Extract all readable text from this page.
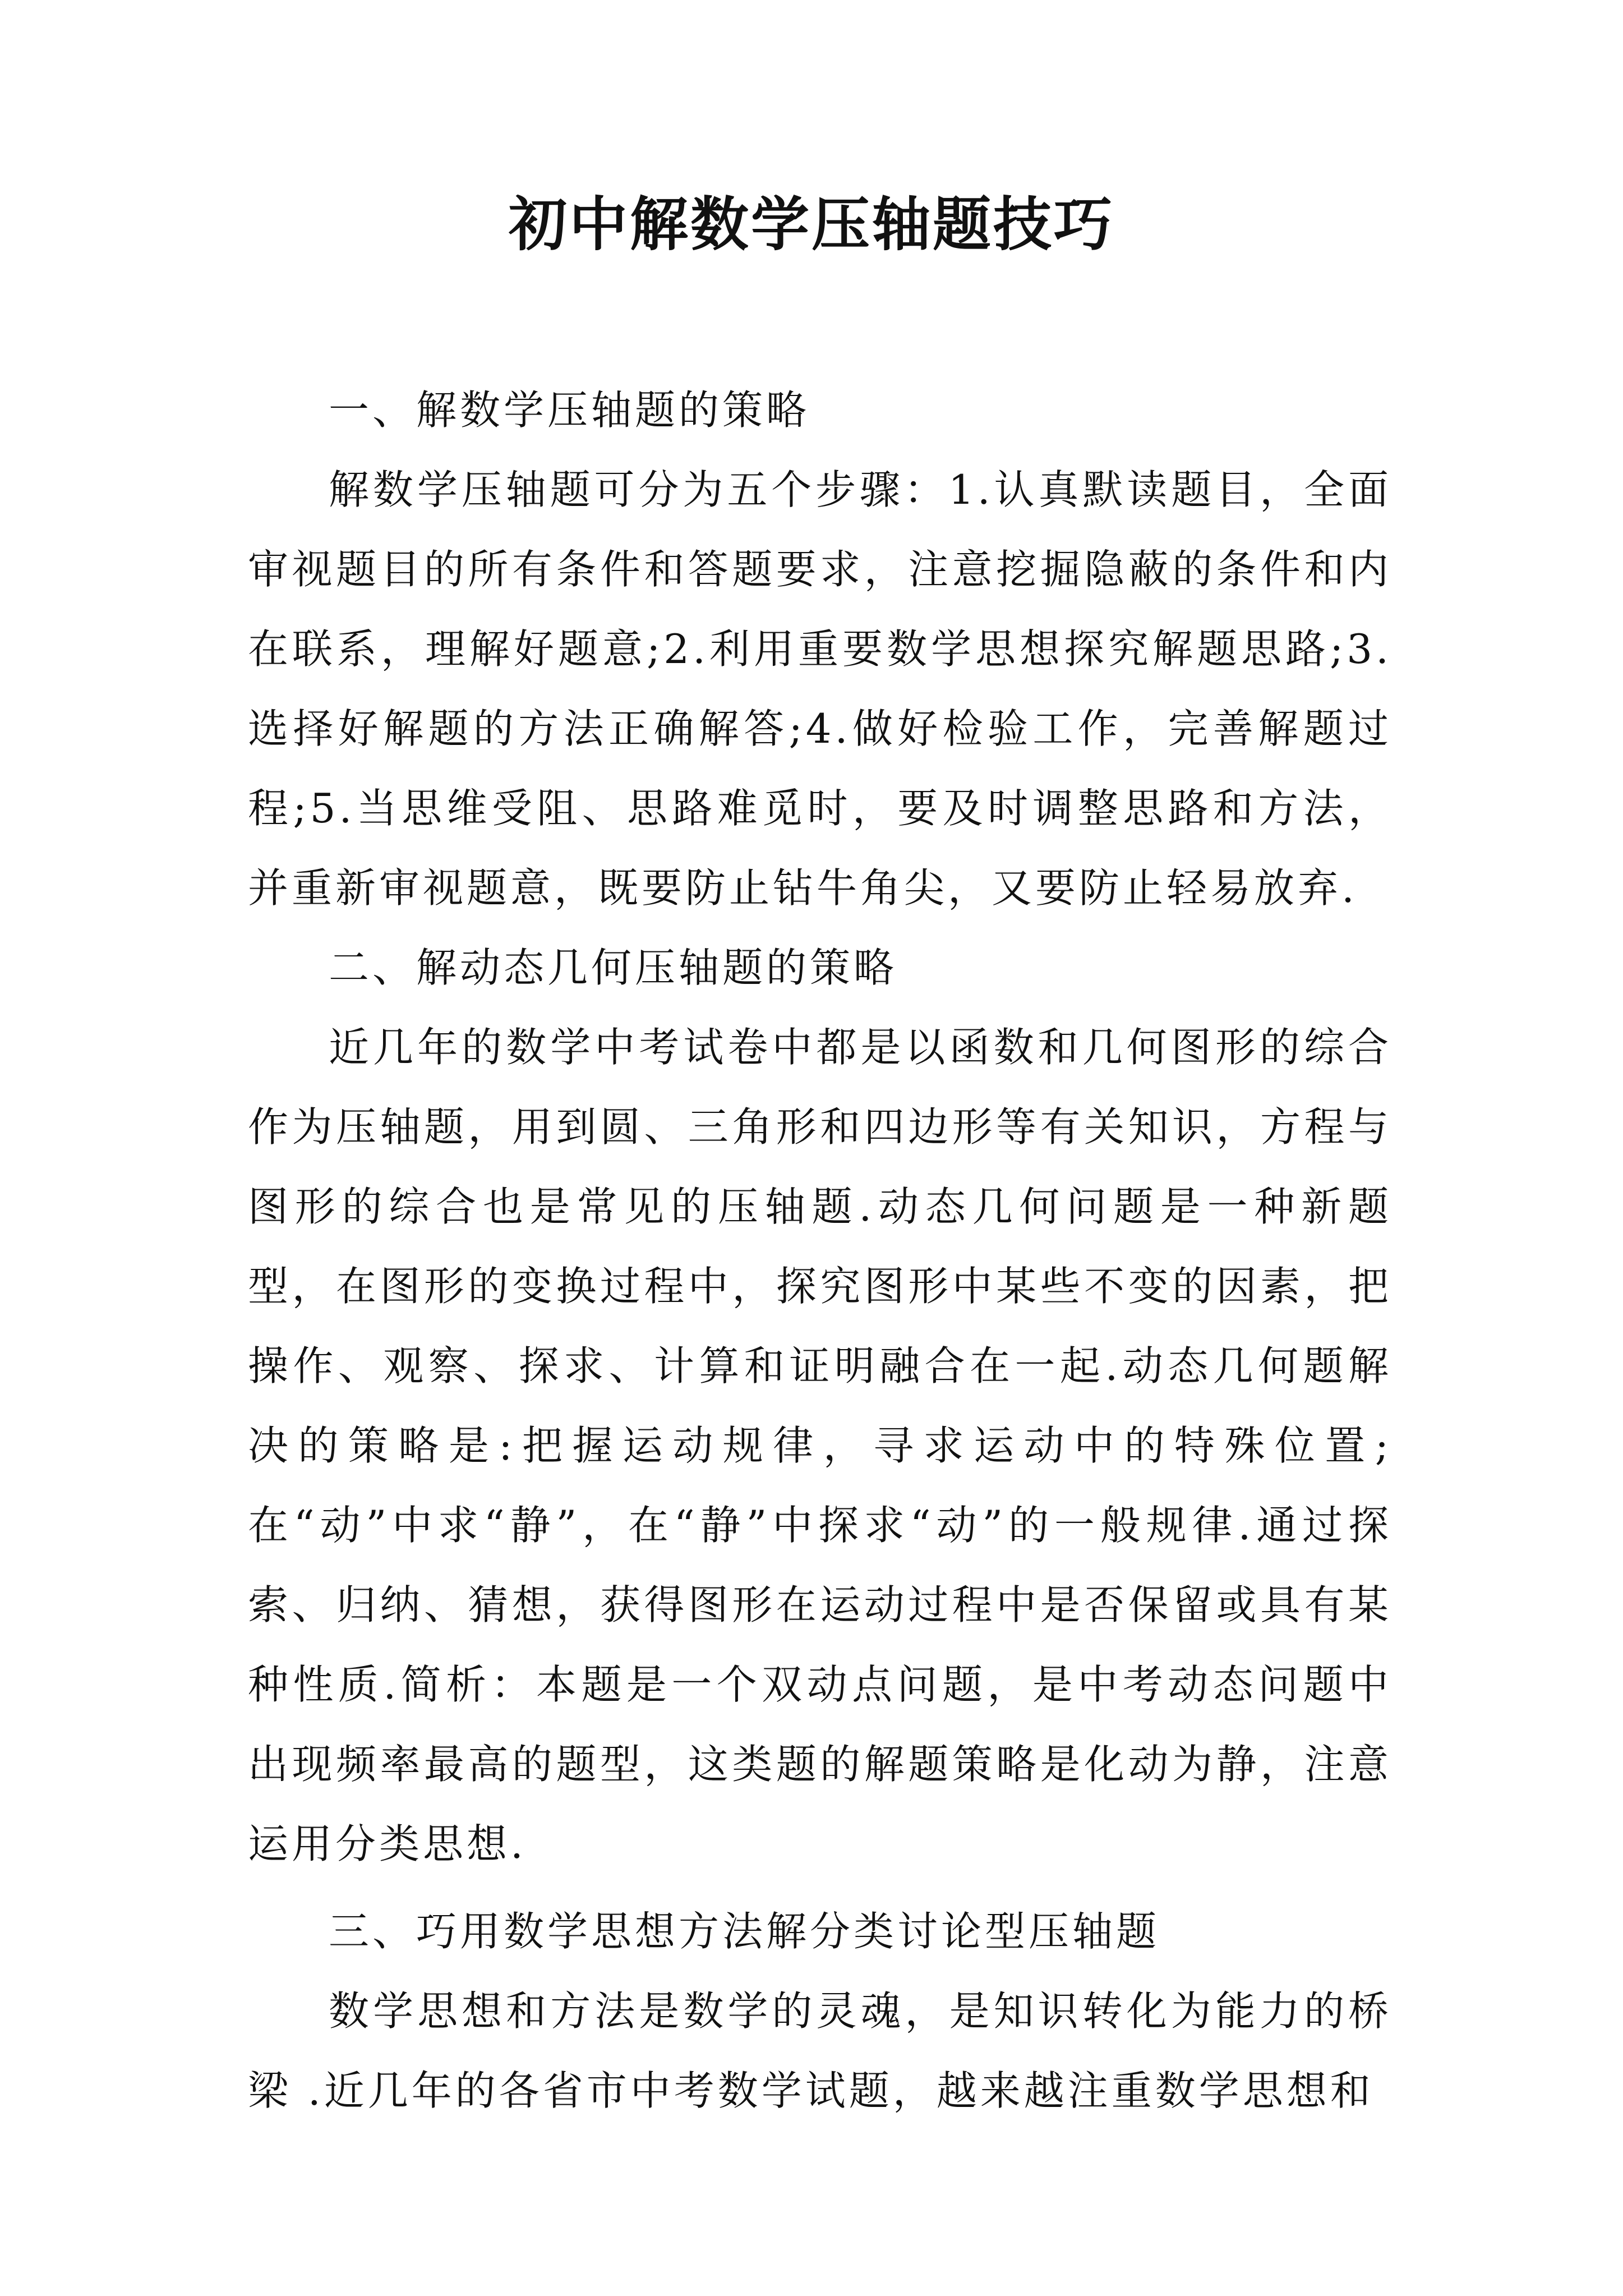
初中解数学压轴题技巧

一、解数学压轴题的策略

解数学压轴题可分为五个步骤：1.认真默读题目，全面审视题目的所有条件和答题要求，注意挖掘隐蔽的条件和内在联系，理解好题意;2.利用重要数学思想探究解题思路;3.选择好解题的方法正确解答;4.做好检验工作，完善解题过程;5.当思维受阻、思路难觅时，要及时调整思路和方法，并重新审视题意，既要防止钻牛角尖，又要防止轻易放弃.

二、解动态几何压轴题的策略

近几年的数学中考试卷中都是以函数和几何图形的综合作为压轴题，用到圆、三角形和四边形等有关知识，方程与图形的综合也是常见的压轴题.动态几何问题是一种新题型，在图形的变换过程中，探究图形中某些不变的因素，把操作、观察、探求、计算和证明融合在一起.动态几何题解决的策略是:把握运动规律，寻求运动中的特殊位置;在“动”中求“静”，在“静”中探求“动”的一般规律.通过探索、归纳、猜想，获得图形在运动过程中是否保留或具有某种性质.简析：本题是一个双动点问题，是中考动态问题中出现频率最高的题型，这类题的解题策略是化动为静，注意运用分类思想.

三、巧用数学思想方法解分类讨论型压轴题

数学思想和方法是数学的灵魂，是知识转化为能力的桥梁 .近几年的各省市中考数学试题，越来越注重数学思想和
